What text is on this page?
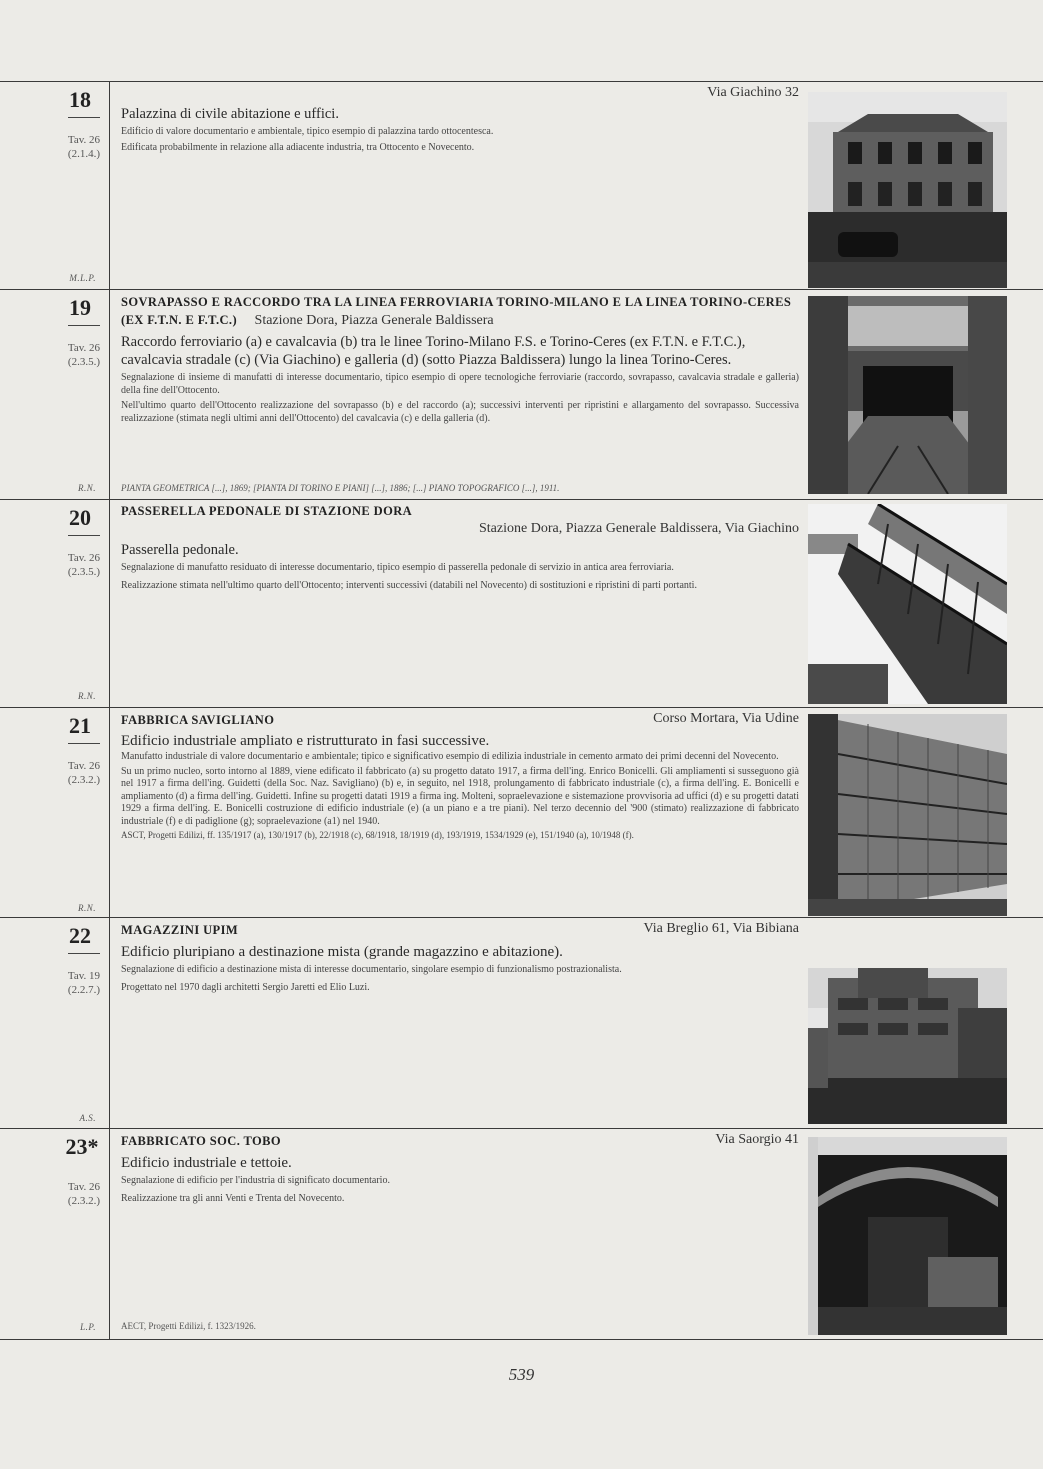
18
Tav. 26
(2.1.4.)
M.L.P.
Via Giachino 32
Palazzina di civile abitazione e uffici.

Edificio di valore documentario e ambientale, tipico esempio di palazzina tardo ottocentesca.

Edificata probabilmente in relazione alla adiacente industria, tra Ottocento e Novecento.

19
Tav. 26
(2.3.5.)
R.N.
SOVRAPASSO E RACCORDO TRA LA LINEA FERROVIARIA TORINO-MILANO E LA LINEA TORINO-CERES (EX F.T.N. E F.T.C.) Stazione Dora, Piazza Generale Baldissera
Raccordo ferroviario (a) e cavalcavia (b) tra le linee Torino-Milano F.S. e Torino-Ceres (ex F.T.N. e F.T.C.), cavalcavia stradale (c) (Via Giachino) e galleria (d) (sotto Piazza Baldissera) lungo la linea Torino-Ceres.

Segnalazione di insieme di manufatti di interesse documentario, tipico esempio di opere tecnologiche ferroviarie (raccordo, sovrapasso, cavalcavia stradale e galleria) della fine dell'Ottocento.

Nell'ultimo quarto dell'Ottocento realizzazione del sovrapasso (b) e del raccordo (a); successivi interventi per ripristini e allargamento del sovrapasso. Successiva realizzazione (stimata negli ultimi anni dell'Ottocento) del cavalcavia (c) e della galleria (d).

PIANTA GEOMETRICA [...], 1869; [PIANTA DI TORINO E PIANI] [...], 1886; [...] PIANO TOPOGRAFICO [...], 1911.
20
Tav. 26
(2.3.5.)
R.N.
PASSERELLA PEDONALE DI STAZIONE DORA
Stazione Dora, Piazza Generale Baldissera, Via Giachino
Passerella pedonale.

Segnalazione di manufatto residuato di interesse documentario, tipico esempio di passerella pedonale di servizio in antica area ferroviaria.

Realizzazione stimata nell'ultimo quarto dell'Ottocento; interventi successivi (databili nel Novecento) di sostituzioni e ripristini di parti portanti.

21
Tav. 26
(2.3.2.)
R.N.
FABBRICA SAVIGLIANO	Corso Mortara, Via Udine
Edificio industriale ampliato e ristrutturato in fasi successive.

Manufatto industriale di valore documentario e ambientale; tipico e significativo esempio di edilizia industriale in cemento armato dei primi decenni del Novecento.

Su un primo nucleo, sorto intorno al 1889, viene edificato il fabbricato (a) su progetto datato 1917, a firma dell'ing. Enrico Bonicelli. Gli ampliamenti si susseguono già nel 1917 a firma dell'ing. Guidetti (della Soc. Naz. Savigliano) (b) e, in seguito, nel 1918, prolungamento di fabbricato industriale (c), a firma dell'ing. E. Bonicelli e ampliamento (d) a firma dell'ing. Guidetti. Infine su progetti datati 1919 a firma ing. Molteni, sopraelevazione e sistemazione provvisoria ad uffici (d) e su progetti datati 1929 a firma dell'ing. E. Bonicelli costruzione di edificio industriale (e) (a un piano e a tre piani). Nel terzo decennio del '900 (stimato) realizzazione di fabbricato industriale (f) e di padiglione (g); sopraelevazione (a1) nel 1940.

ASCT, Progetti Edilizi, ff. 135/1917 (a), 130/1917 (b), 22/1918 (c), 68/1918, 18/1919 (d), 193/1919, 1534/1929 (e), 151/1940 (a), 10/1948 (f).

22
Tav. 19
(2.2.7.)
A.S.
MAGAZZINI UPIM	Via Breglio 61, Via Bibiana
Edificio pluripiano a destinazione mista (grande magazzino e abitazione).

Segnalazione di edificio a destinazione mista di interesse documentario, singolare esempio di funzionalismo postrazionalista.

Progettato nel 1970 dagli architetti Sergio Jaretti ed Elio Luzi.

23*
Tav. 26
(2.3.2.)
L.P.
FABBRICATO SOC. TOBO	Via Saorgio 41
Edificio industriale e tettoie.

Segnalazione di edificio per l'industria di significato documentario.

Realizzazione tra gli anni Venti e Trenta del Novecento.

AECT, Progetti Edilizi, f. 1323/1926.
539
